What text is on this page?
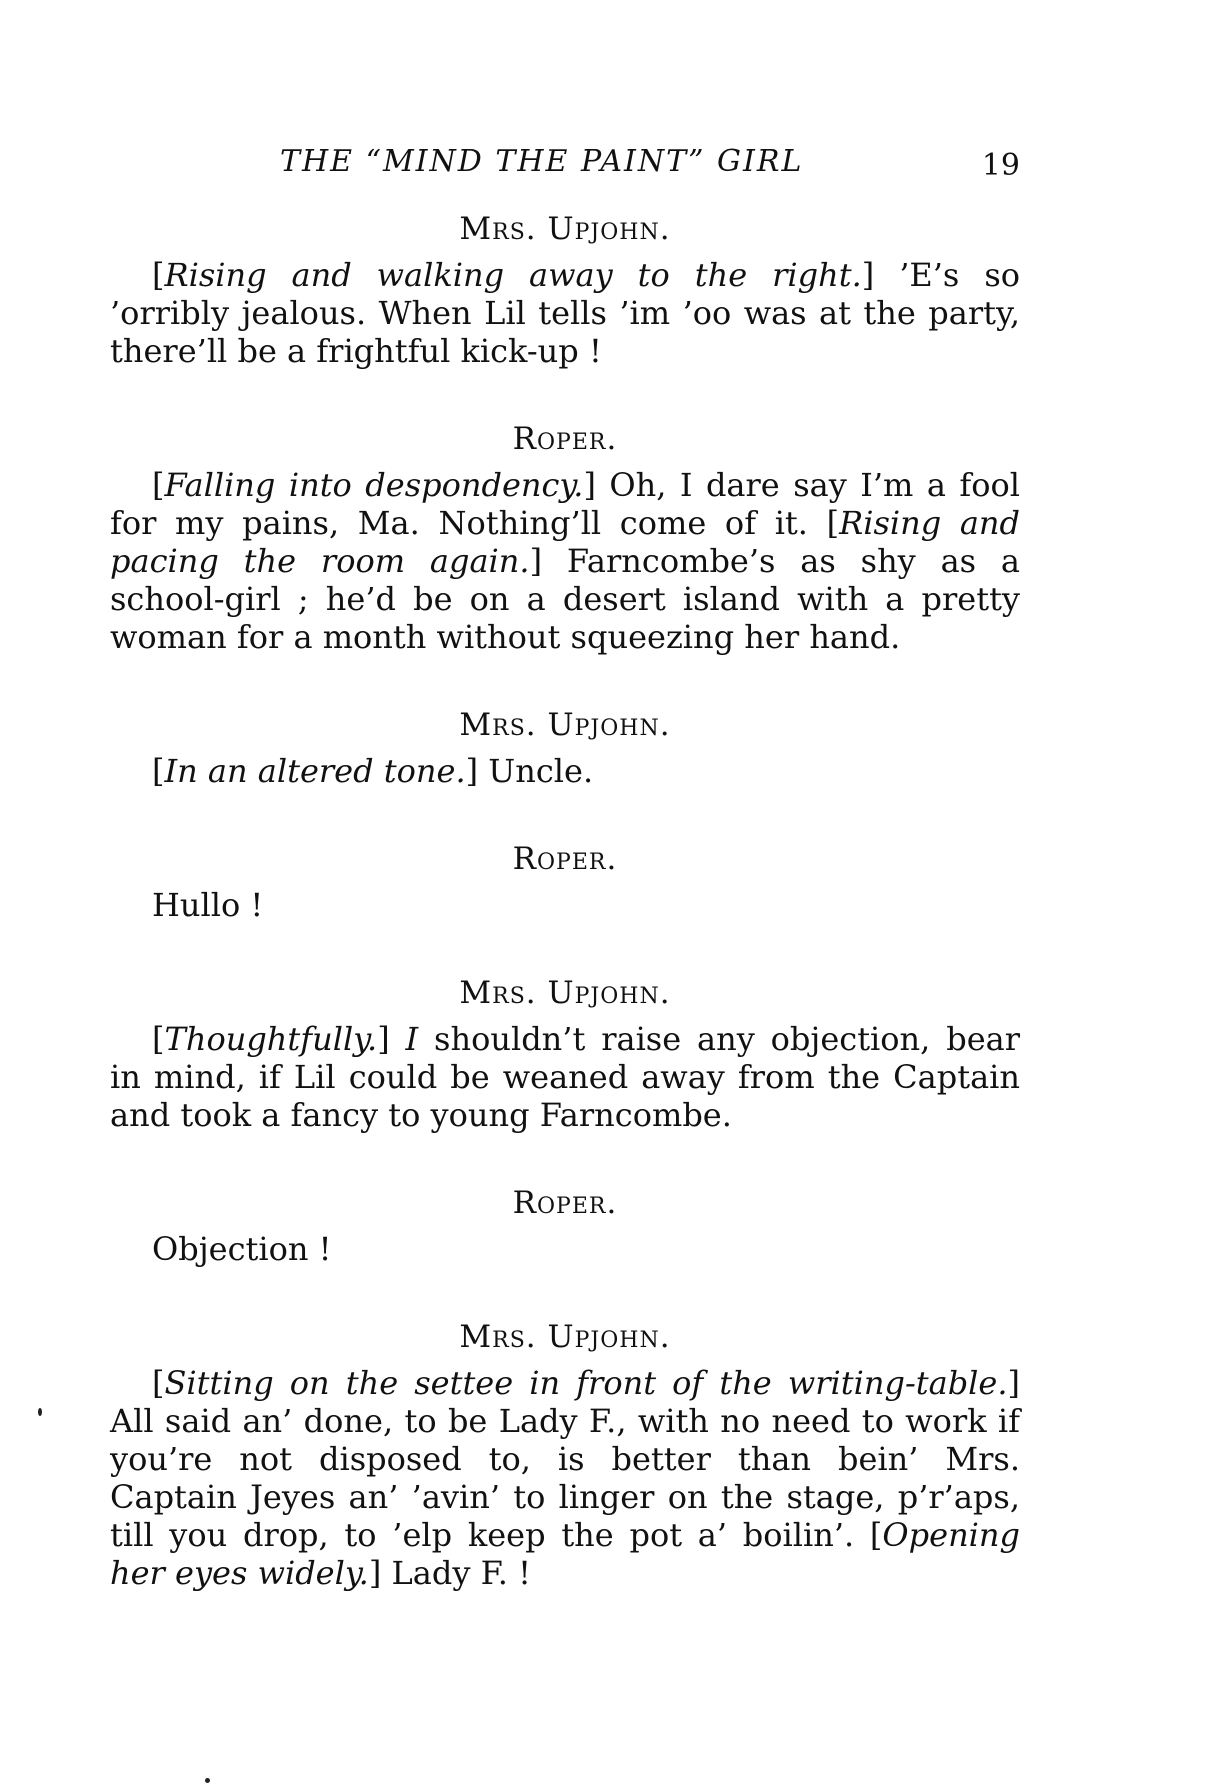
THE “MIND THE PAINT” GIRL	19
Mrs. Upjohn.

[Rising and walking away to the right.] ’E’s so ’orribly jealous. When Lil tells ’im ’oo was at the party, there’ll be a frightful kick-up !

Roper.

[Falling into despondency.] Oh, I dare say I’m a fool for my pains, Ma. Nothing’ll come of it. [Rising and pacing the room again.] Farncombe’s as shy as a school-girl ; he’d be on a desert island with a pretty woman for a month without squeezing her hand.

Mrs. Upjohn.

[In an altered tone.] Uncle.

Roper.

Hullo !

Mrs. Upjohn.

[Thoughtfully.] I shouldn’t raise any objection, bear in mind, if Lil could be weaned away from the Captain and took a fancy to young Farncombe.

Roper.

Objection !

Mrs. Upjohn.

[Sitting on the settee in front of the writing-table.] All said an’ done, to be Lady F., with no need to work if you’re not disposed to, is better than bein’ Mrs. Captain Jeyes an’ ’avin’ to linger on the stage, p’r’aps, till you drop, to ’elp keep the pot a’ boilin’. [Opening her eyes widely.] Lady F. !
